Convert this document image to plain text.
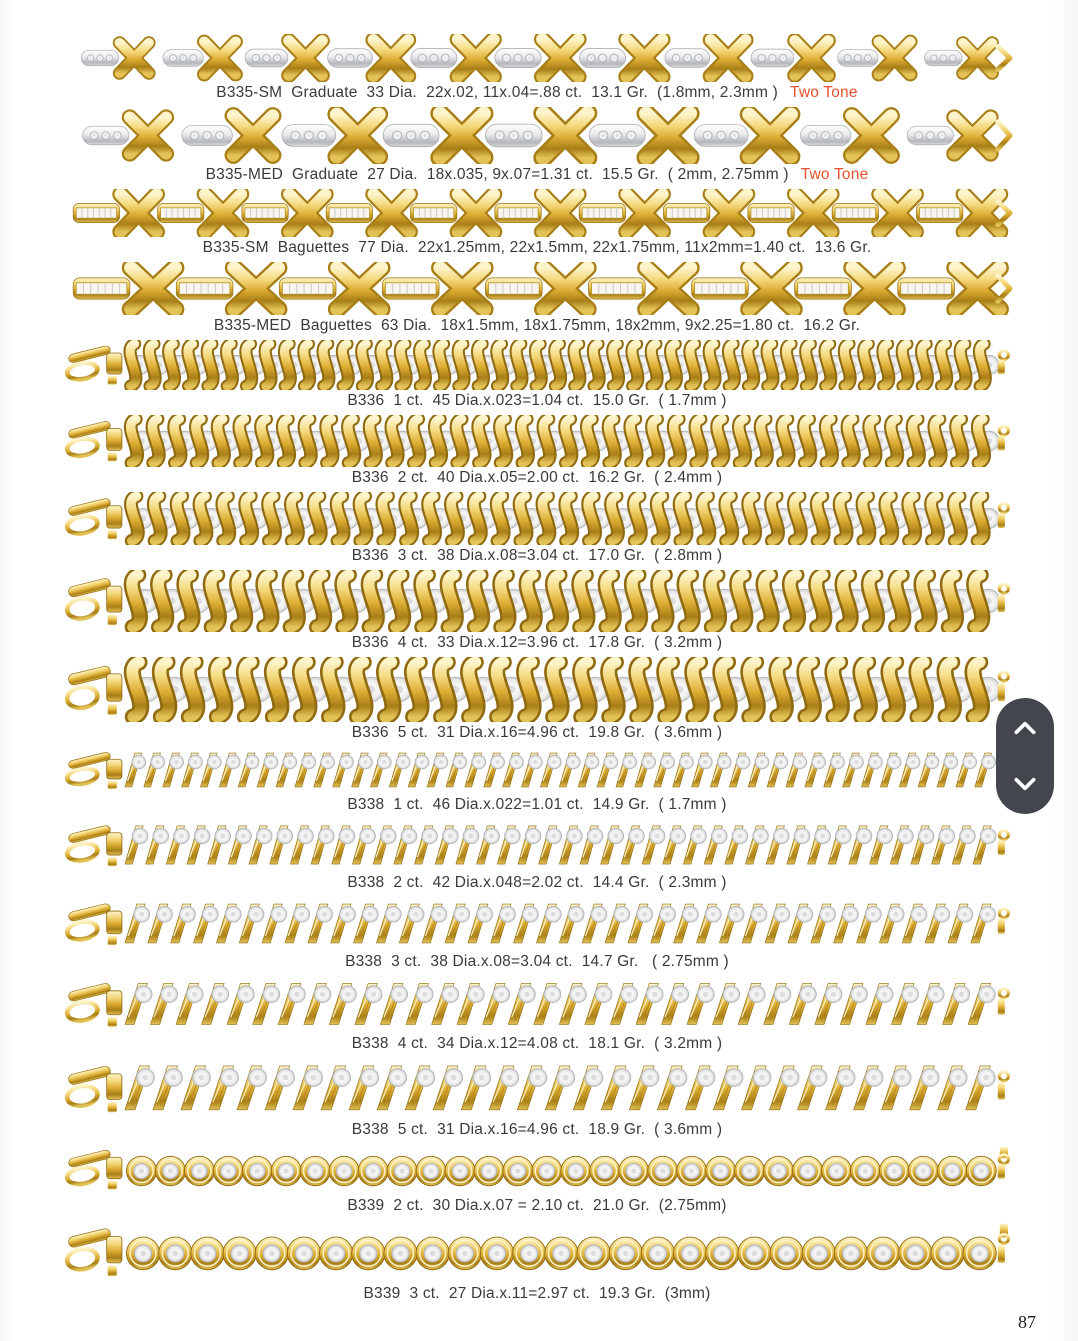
B335-SM  Graduate  33 Dia.  22x.02, 11x.04=.88 ct.  13.1 Gr.  (1.8mm, 2.3mm ) Two Tone
B335-MED  Graduate  27 Dia.  18x.035, 9x.07=1.31 ct.  15.5 Gr.  ( 2mm, 2.75mm ) Two Tone
B335-SM  Baguettes  77 Dia.  22x1.25mm, 22x1.5mm, 22x1.75mm, 11x2mm=1.40 ct.  13.6 Gr.
B335-MED  Baguettes  63 Dia.  18x1.5mm, 18x1.75mm, 18x2mm, 9x2.25=1.80 ct.  16.2 Gr.
B336  1 ct.  45 Dia.x.023=1.04 ct.  15.0 Gr.  ( 1.7mm )
B336  2 ct.  40 Dia.x.05=2.00 ct.  16.2 Gr.  ( 2.4mm )
B336  3 ct.  38 Dia.x.08=3.04 ct.  17.0 Gr.  ( 2.8mm )
B336  4 ct.  33 Dia.x.12=3.96 ct.  17.8 Gr.  ( 3.2mm )
B336  5 ct.  31 Dia.x.16=4.96 ct.  19.8 Gr.  ( 3.6mm )
B338  1 ct.  46 Dia.x.022=1.01 ct.  14.9 Gr.  ( 1.7mm )
B338  2 ct.  42 Dia.x.048=2.02 ct.  14.4 Gr.  ( 2.3mm )
B338  3 ct.  38 Dia.x.08=3.04 ct.  14.7 Gr.   ( 2.75mm )
B338  4 ct.  34 Dia.x.12=4.08 ct.  18.1 Gr.  ( 3.2mm )
B338  5 ct.  31 Dia.x.16=4.96 ct.  18.9 Gr.  ( 3.6mm )
B339  2 ct.  30 Dia.x.07 = 2.10 ct.  21.0 Gr.  (2.75mm)
B339  3 ct.  27 Dia.x.11=2.97 ct.  19.3 Gr.  (3mm)
87
